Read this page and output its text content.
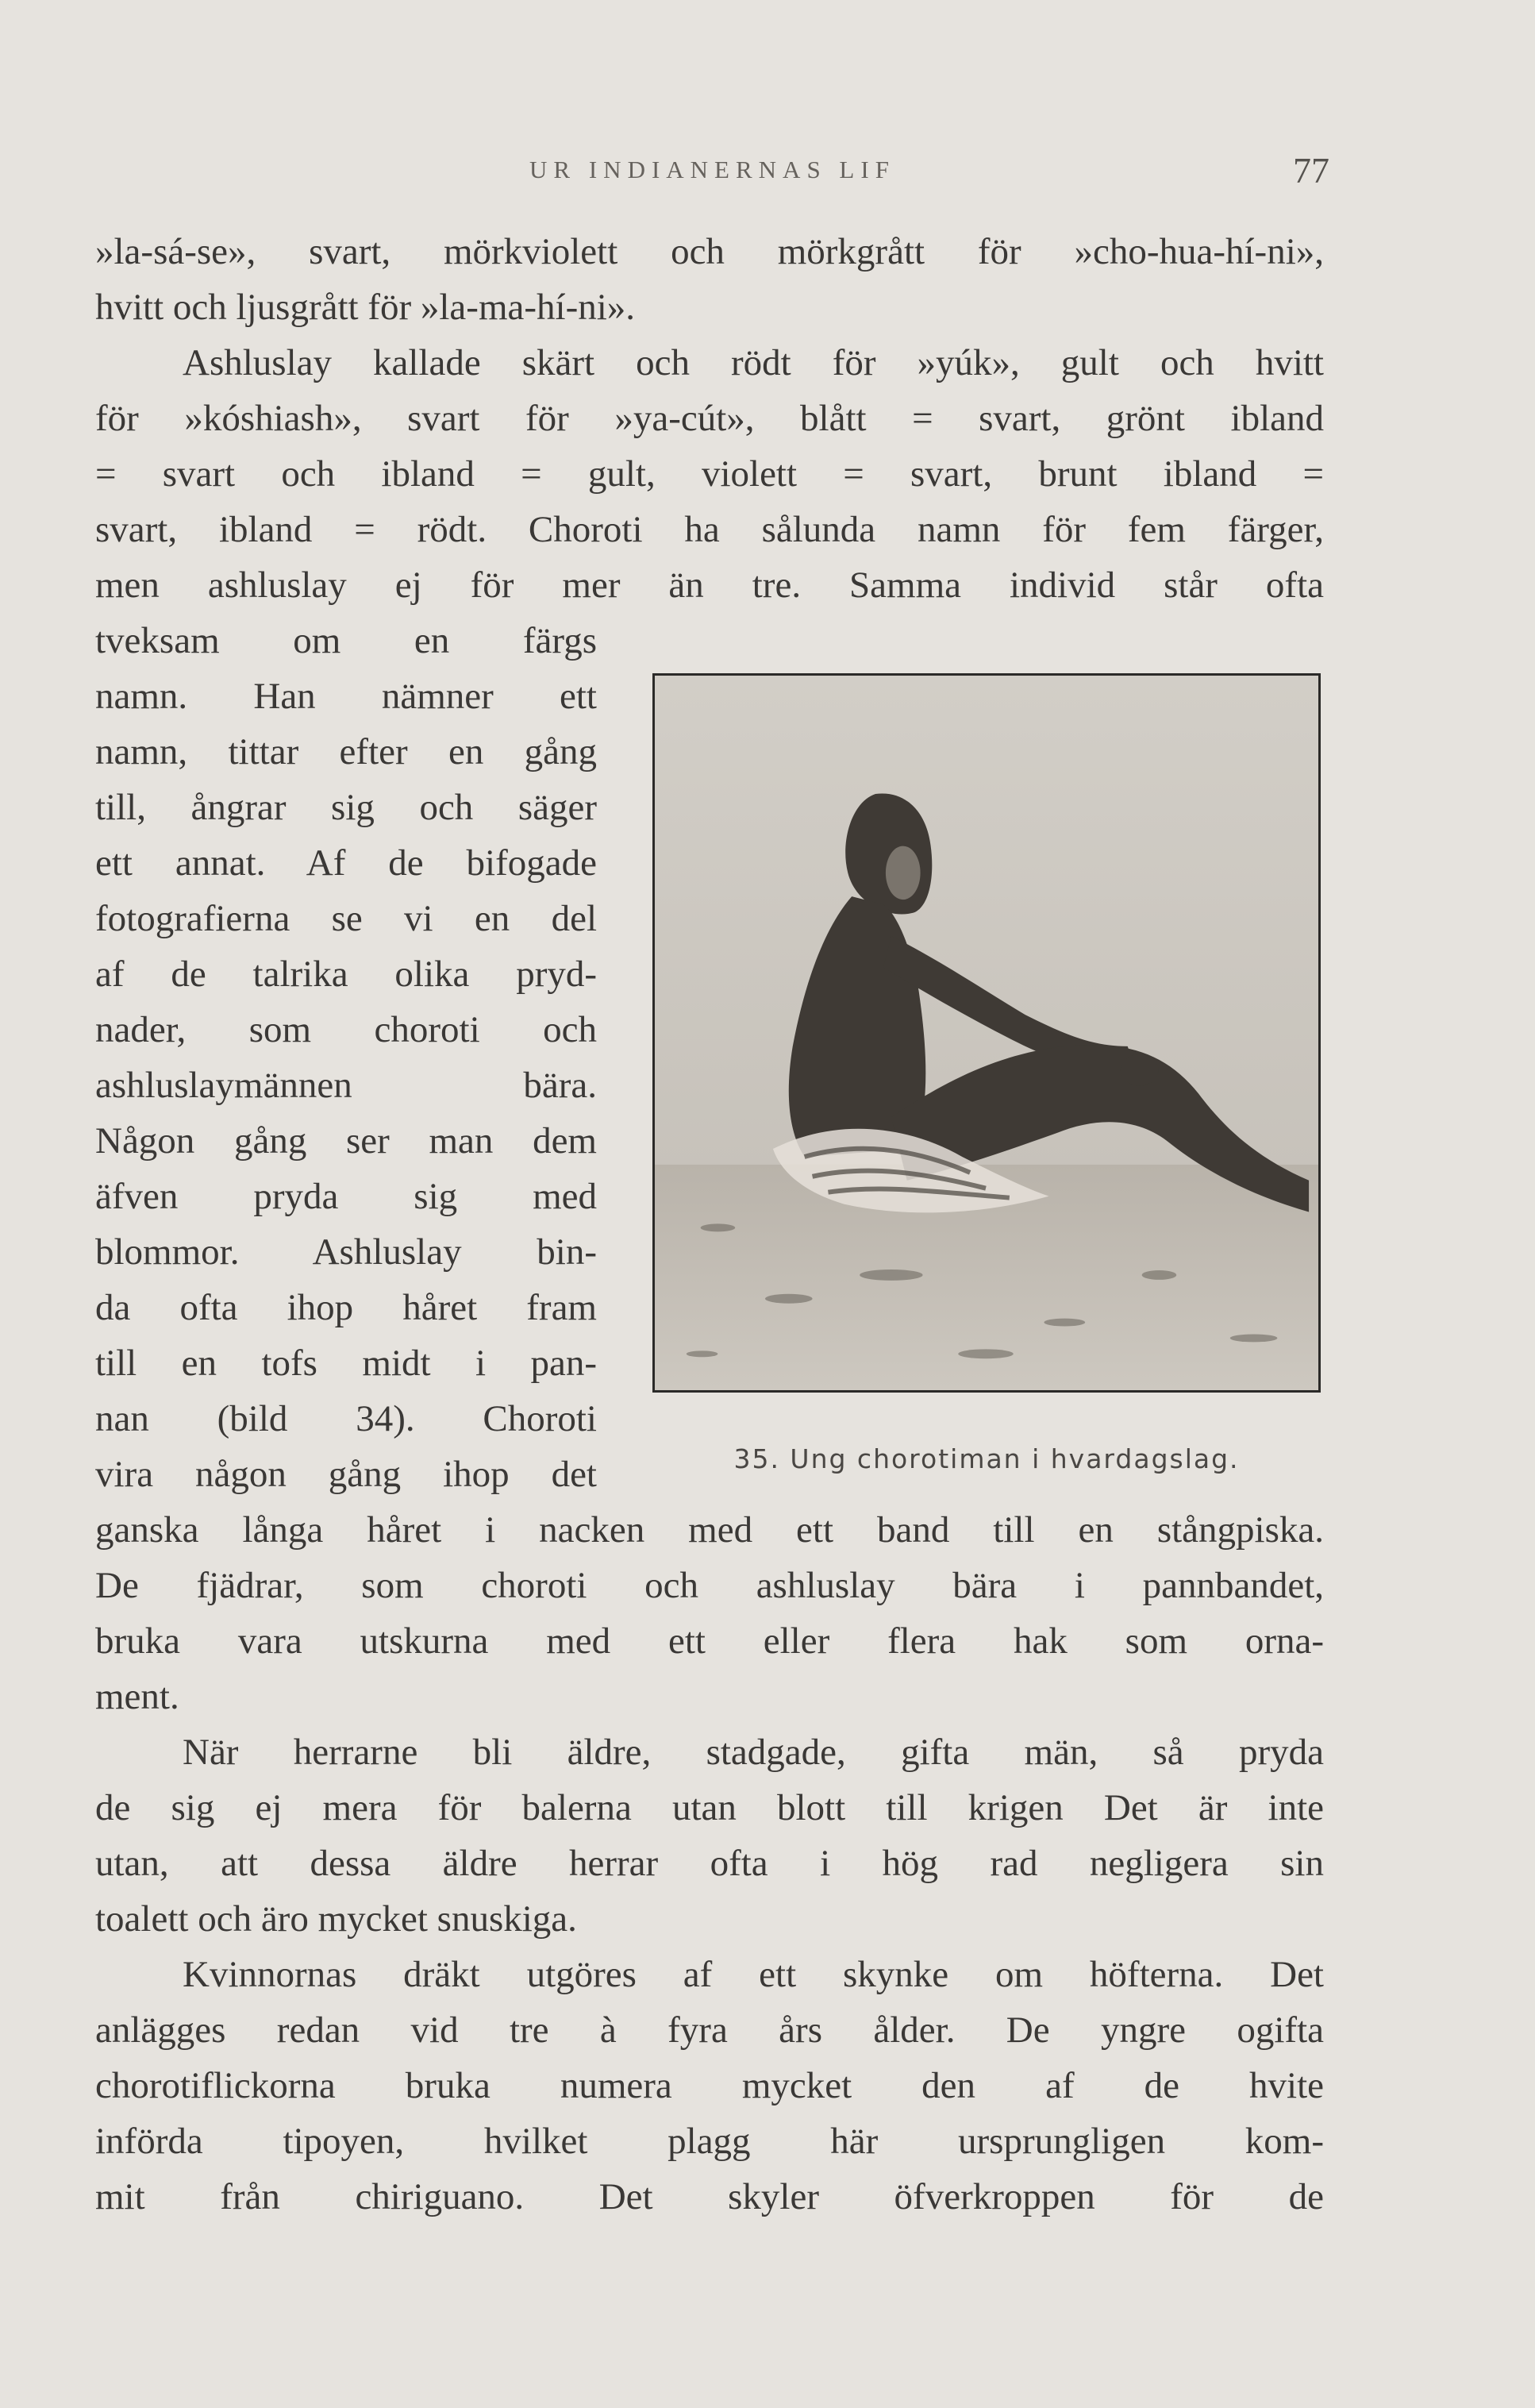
UR INDIANERNAS LIF	77
»la-sá-se», svart, mörkviolett och mörkgrått för »cho-hua-hí-ni»,
hvitt och ljusgrått för »la-ma-hí-ni».
Ashluslay kallade skärt och rödt för »yúk», gult och hvitt
för »kóshiash», svart för »ya-cút», blått = svart, grönt ibland
= svart och ibland = gult, violett = svart, brunt ibland =
svart, ibland = rödt. Choroti ha sålunda namn för fem färger,
men ashluslay ej för mer än tre. Samma individ står ofta
tveksam om en färgs
namn. Han nämner ett
namn, tittar efter en gång
till, ångrar sig och säger
ett annat. Af de bifogade
fotografierna se vi en del
af de talrika olika pryd-
nader, som choroti och
ashluslaymännen bära.
Någon gång ser man dem
äfven pryda sig med
blommor. Ashluslay bin-
da ofta ihop håret fram
till en tofs midt i pan-
nan (bild 34). Choroti
vira någon gång ihop det
ganska långa håret i nacken med ett band till en stångpiska.
De fjädrar, som choroti och ashluslay bära i pannbandet,
bruka vara utskurna med ett eller flera hak som orna-
ment.
När herrarne bli äldre, stadgade, gifta män, så pryda
de sig ej mera för balerna utan blott till krigen Det är inte
utan, att dessa äldre herrar ofta i hög rad negligera sin
toalett och äro mycket snuskiga.
Kvinnornas dräkt utgöres af ett skynke om höfterna. Det
anlägges redan vid tre à fyra års ålder. De yngre ogifta
chorotiflickorna bruka numera mycket den af de hvite
införda tipoyen, hvilket plagg här ursprungligen kom-
mit från chiriguano. Det skyler öfverkroppen för de
35. Ung chorotiman i hvardagslag.
